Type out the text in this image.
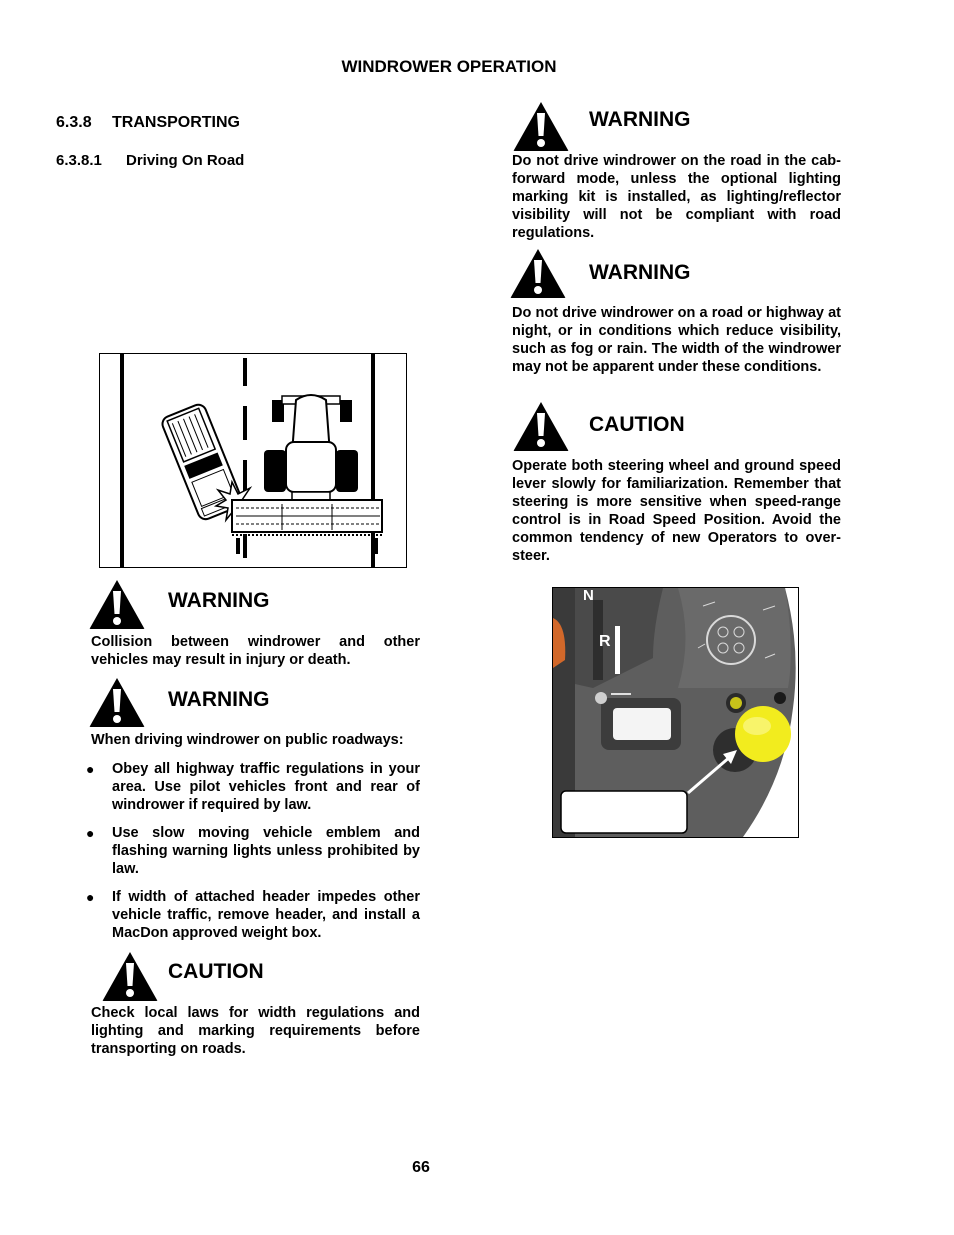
WINDROWER OPERATION
6.3.8 TRANSPORTING
6.3.8.1 Driving On Road
WARNING
Collision between windrower and other vehicles may result in injury or death.
WARNING
When driving windrower on public roadways:
● Obey all highway traffic regulations in your area. Use pilot vehicles front and rear of windrower if required by law.
● Use slow moving vehicle emblem and flashing warning lights unless prohibited by law.
● If width of attached header impedes other vehicle traffic, remove header, and install a MacDon approved weight box.
CAUTION
Check local laws for width regulations and lighting and marking requirements before transporting on roads.
WARNING
Do not drive windrower on the road in the cab-forward mode, unless the optional lighting marking kit is installed, as lighting/reflector visibility will not be compliant with road regulations.
WARNING
Do not drive windrower on a road or highway at night, or in conditions which reduce visibility, such as fog or rain. The width of the windrower may not be apparent under these conditions.
CAUTION
Operate both steering wheel and ground speed lever slowly for familiarization. Remember that steering is more sensitive when speed-range control is in Road Speed Position. Avoid the common tendency of new Operators to over-steer.
N
R
66
